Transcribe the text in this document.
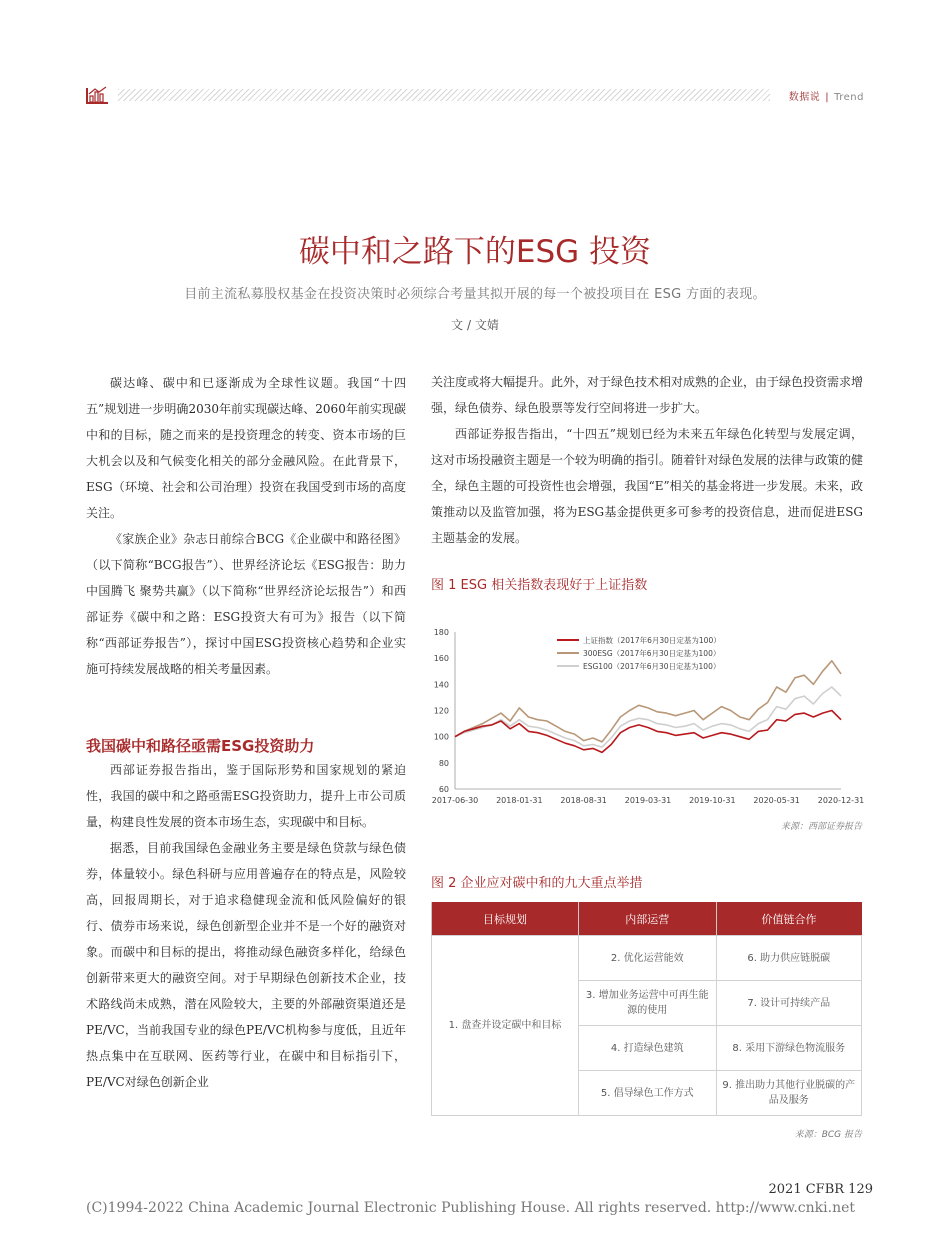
数据说 | Trend
碳中和之路下的ESG 投资
目前主流私募股权基金在投资决策时必须综合考量其拟开展的每一个被投项目在 ESG 方面的表现。
文 / 文婧

碳达峰、碳中和已逐渐成为全球性议题。我国“十四五”规划进一步明确2030年前实现碳达峰、2060年前实现碳中和的目标，随之而来的是投资理念的转变、资本市场的巨大机会以及和气候变化相关的部分金融风险。在此背景下，ESG（环境、社会和公司治理）投资在我国受到市场的高度关注。

《家族企业》杂志日前综合BCG《企业碳中和路径图》（以下简称“BCG报告”）、世界经济论坛《ESG报告：助力中国腾飞 聚势共赢》（以下简称“世界经济论坛报告”）和西部证券《碳中和之路：ESG投资大有可为》报告（以下简称“西部证券报告”），探讨中国ESG投资核心趋势和企业实施可持续发展战略的相关考量因素。

我国碳中和路径亟需ESG投资助力

西部证券报告指出，鉴于国际形势和国家规划的紧迫性，我国的碳中和之路亟需ESG投资助力，提升上市公司质量，构建良性发展的资本市场生态，实现碳中和目标。

据悉，目前我国绿色金融业务主要是绿色贷款与绿色债券，体量较小。绿色科研与应用普遍存在的特点是，风险较高，回报周期长，对于追求稳健现金流和低风险偏好的银行、债券市场来说，绿色创新型企业并不是一个好的融资对象。而碳中和目标的提出，将推动绿色融资多样化，给绿色创新带来更大的融资空间。对于早期绿色创新技术企业，技术路线尚未成熟，潜在风险较大，主要的外部融资渠道还是PE/VC，当前我国专业的绿色PE/VC机构参与度低，且近年热点集中在互联网、医药等行业，在碳中和目标指引下，PE/VC对绿色创新企业

关注度或将大幅提升。此外，对于绿色技术相对成熟的企业，由于绿色投资需求增强，绿色债券、绿色股票等发行空间将进一步扩大。

西部证券报告指出，“十四五”规划已经为未来五年绿色化转型与发展定调，这对市场投融资主题是一个较为明确的指引。随着针对绿色发展的法律与政策的健全，绿色主题的可投资性也会增强，我国“E”相关的基金将进一步发展。未来，政策推动以及监管加强，将为ESG基金提供更多可参考的投资信息，进而促进ESG主题基金的发展。

图 1 ESG 相关指数表现好于上证指数
60
80
100
120
140
160
180
2017-06-30 2018-01-31 2018-08-31 2019-03-31 2019-10-31 2020-05-31 2020-12-31
上证指数（2017年6月30日定基为100）
300ESG（2017年6月30日定基为100）
ESG100（2017年6月30日定基为100）
来源：西部证券报告
图 2 企业应对碳中和的九大重点举措
目标规划	内部运营	价值链合作
1. 盘查并设定碳中和目标	2. 优化运营能效	6. 助力供应链脱碳
	3. 增加业务运营中可再生能源的使用	7. 设计可持续产品
	4. 打造绿色建筑	8. 采用下游绿色物流服务
	5. 倡导绿色工作方式	9. 推出助力其他行业脱碳的产品及服务
来源：BCG 报告
2021 CFBR 129
(C)1994-2022 China Academic Journal Electronic Publishing House. All rights reserved. http://www.cnki.net
